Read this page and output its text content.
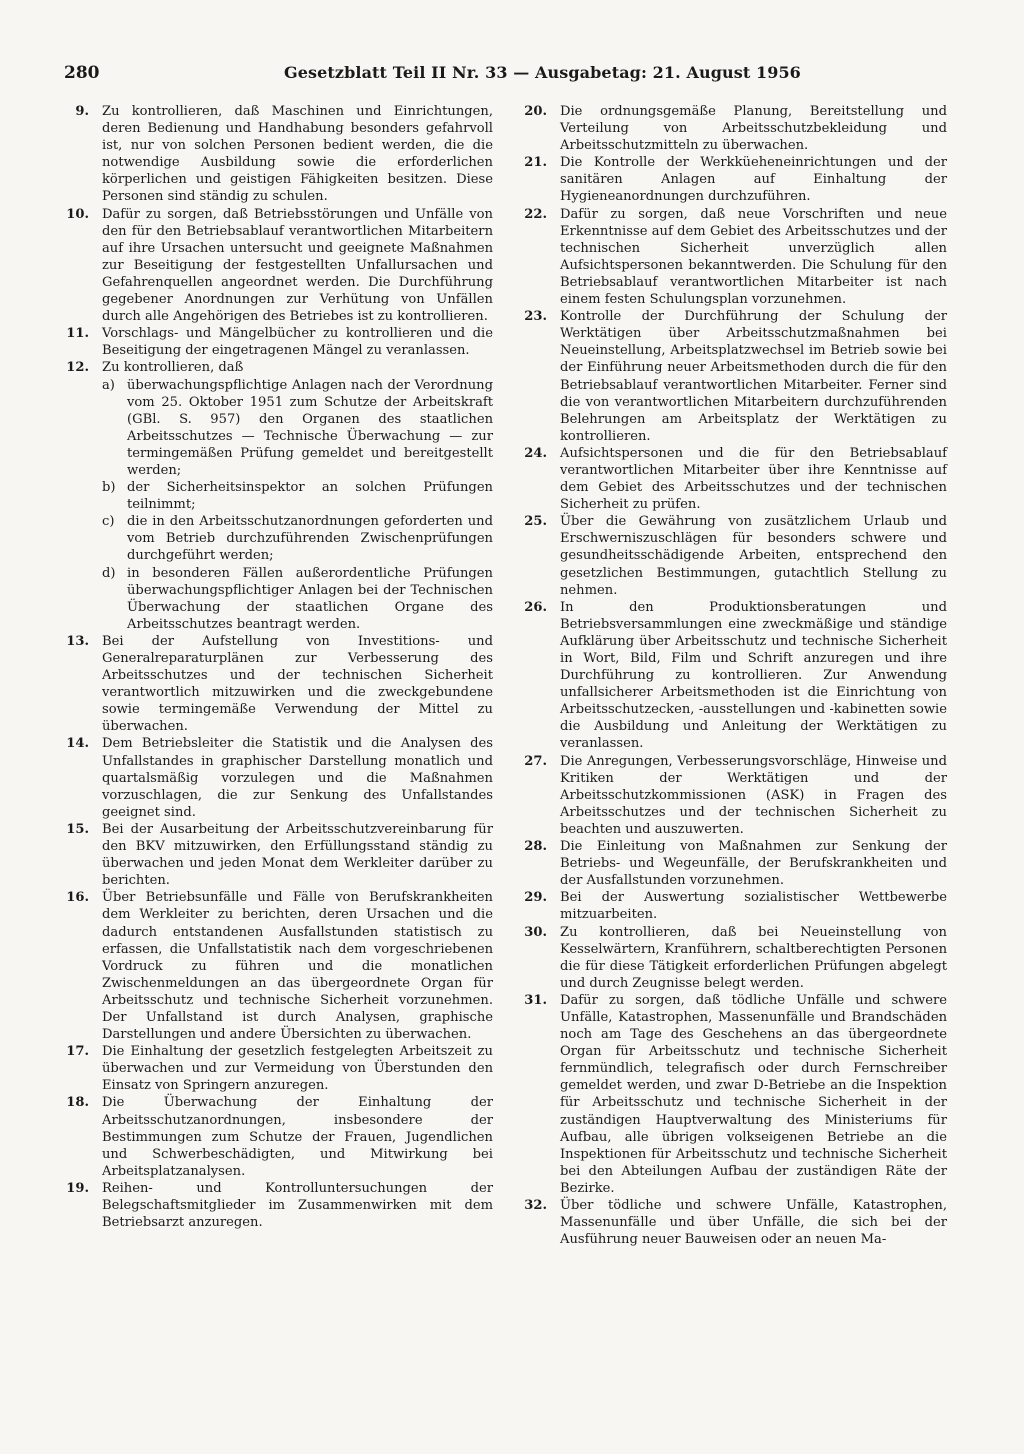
280	Gesetzblatt Teil II Nr. 33 — Ausgabetag: 21. August 1956
9. Zu kontrollieren, daß Maschinen und Einrichtungen, deren Bedienung und Handhabung besonders gefahrvoll ist, nur von solchen Personen bedient werden, die die notwendige Ausbildung sowie die erforderlichen körperlichen und geistigen Fähigkeiten besitzen. Diese Personen sind ständig zu schulen.
10. Dafür zu sorgen, daß Betriebsstörungen und Unfälle von den für den Betriebsablauf verantwortlichen Mitarbeitern auf ihre Ursachen untersucht und geeignete Maßnahmen zur Beseitigung der festgestellten Unfallursachen und Gefahrenquellen angeordnet werden. Die Durchführung gegebener Anordnungen zur Verhütung von Unfällen durch alle Angehörigen des Betriebes ist zu kontrollieren.
11. Vorschlags- und Mängelbücher zu kontrollieren und die Beseitigung der eingetragenen Mängel zu veranlassen.
12. Zu kontrollieren, daß
a) überwachungspflichtige Anlagen nach der Verordnung vom 25. Oktober 1951 zum Schutze der Arbeitskraft (GBl. S. 957) den Organen des staatlichen Arbeitsschutzes — Technische Überwachung — zur termingemäßen Prüfung gemeldet und bereitgestellt werden;
b) der Sicherheitsinspektor an solchen Prüfungen teilnimmt;
c) die in den Arbeitsschutzanordnungen geforderten und vom Betrieb durchzuführenden Zwischenprüfungen durchgeführt werden;
d) in besonderen Fällen außerordentliche Prüfungen überwachungspflichtiger Anlagen bei der Technischen Überwachung der staatlichen Organe des Arbeitsschutzes beantragt werden.
13. Bei der Aufstellung von Investitions- und Generalreparaturplänen zur Verbesserung des Arbeitsschutzes und der technischen Sicherheit verantwortlich mitzuwirken und die zweckgebundene sowie termingemäße Verwendung der Mittel zu überwachen.
14. Dem Betriebsleiter die Statistik und die Analysen des Unfallstandes in graphischer Darstellung monatlich und quartalsmäßig vorzulegen und die Maßnahmen vorzuschlagen, die zur Senkung des Unfallstandes geeignet sind.
15. Bei der Ausarbeitung der Arbeitsschutzvereinbarung für den BKV mitzuwirken, den Erfüllungsstand ständig zu überwachen und jeden Monat dem Werkleiter darüber zu berichten.
16. Über Betriebsunfälle und Fälle von Berufskrankheiten dem Werkleiter zu berichten, deren Ursachen und die dadurch entstandenen Ausfallstunden statistisch zu erfassen, die Unfallstatistik nach dem vorgeschriebenen Vordruck zu führen und die monatlichen Zwischenmeldungen an das übergeordnete Organ für Arbeitsschutz und technische Sicherheit vorzunehmen. Der Unfallstand ist durch Analysen, graphische Darstellungen und andere Übersichten zu überwachen.
17. Die Einhaltung der gesetzlich festgelegten Arbeitszeit zu überwachen und zur Vermeidung von Überstunden den Einsatz von Springern anzuregen.
18. Die Überwachung der Einhaltung der Arbeitsschutzanordnungen, insbesondere der Bestimmungen zum Schutze der Frauen, Jugendlichen und Schwerbeschädigten, und Mitwirkung bei Arbeitsplatzanalysen.
19. Reihen- und Kontrolluntersuchungen der Belegschaftsmitglieder im Zusammenwirken mit dem Betriebsarzt anzuregen.
20. Die ordnungsgemäße Planung, Bereitstellung und Verteilung von Arbeitsschutzbekleidung und Arbeitsschutzmitteln zu überwachen.
21. Die Kontrolle der Werkküeheneinrichtungen und der sanitären Anlagen auf Einhaltung der Hygieneanordnungen durchzuführen.
22. Dafür zu sorgen, daß neue Vorschriften und neue Erkenntnisse auf dem Gebiet des Arbeitsschutzes und der technischen Sicherheit unverzüglich allen Aufsichtspersonen bekanntwerden. Die Schulung für den Betriebsablauf verantwortlichen Mitarbeiter ist nach einem festen Schulungsplan vorzunehmen.
23. Kontrolle der Durchführung der Schulung der Werktätigen über Arbeitsschutzmaßnahmen bei Neueinstellung, Arbeitsplatzwechsel im Betrieb sowie bei der Einführung neuer Arbeitsmethoden durch die für den Betriebsablauf verantwortlichen Mitarbeiter. Ferner sind die von verantwortlichen Mitarbeitern durchzuführenden Belehrungen am Arbeitsplatz der Werktätigen zu kontrollieren.
24. Aufsichtspersonen und die für den Betriebsablauf verantwortlichen Mitarbeiter über ihre Kenntnisse auf dem Gebiet des Arbeitsschutzes und der technischen Sicherheit zu prüfen.
25. Über die Gewährung von zusätzlichem Urlaub und Erschwerniszuschlägen für besonders schwere und gesundheitsschädigende Arbeiten, entsprechend den gesetzlichen Bestimmungen, gutachtlich Stellung zu nehmen.
26. In den Produktionsberatungen und Betriebsversammlungen eine zweckmäßige und ständige Aufklärung über Arbeitsschutz und technische Sicherheit in Wort, Bild, Film und Schrift anzuregen und ihre Durchführung zu kontrollieren. Zur Anwendung unfallsicherer Arbeitsmethoden ist die Einrichtung von Arbeitsschutzecken, -ausstellungen und -kabinetten sowie die Ausbildung und Anleitung der Werktätigen zu veranlassen.
27. Die Anregungen, Verbesserungsvorschläge, Hinweise und Kritiken der Werktätigen und der Arbeitsschutzkommissionen (ASK) in Fragen des Arbeitsschutzes und der technischen Sicherheit zu beachten und auszuwerten.
28. Die Einleitung von Maßnahmen zur Senkung der Betriebs- und Wegeunfälle, der Berufskrankheiten und der Ausfallstunden vorzunehmen.
29. Bei der Auswertung sozialistischer Wettbewerbe mitzuarbeiten.
30. Zu kontrollieren, daß bei Neueinstellung von Kesselwärtern, Kranführern, schaltberechtigten Personen die für diese Tätigkeit erforderlichen Prüfungen abgelegt und durch Zeugnisse belegt werden.
31. Dafür zu sorgen, daß tödliche Unfälle und schwere Unfälle, Katastrophen, Massenunfälle und Brandschäden noch am Tage des Geschehens an das übergeordnete Organ für Arbeitsschutz und technische Sicherheit fernmündlich, telegrafisch oder durch Fernschreiber gemeldet werden, und zwar D-Betriebe an die Inspektion für Arbeitsschutz und technische Sicherheit in der zuständigen Hauptverwaltung des Ministeriums für Aufbau, alle übrigen volkseigenen Betriebe an die Inspektionen für Arbeitsschutz und technische Sicherheit bei den Abteilungen Aufbau der zuständigen Räte der Bezirke.
32. Über tödliche und schwere Unfälle, Katastrophen, Massenunfälle und über Unfälle, die sich bei der Ausführung neuer Bauweisen oder an neuen Ma-
